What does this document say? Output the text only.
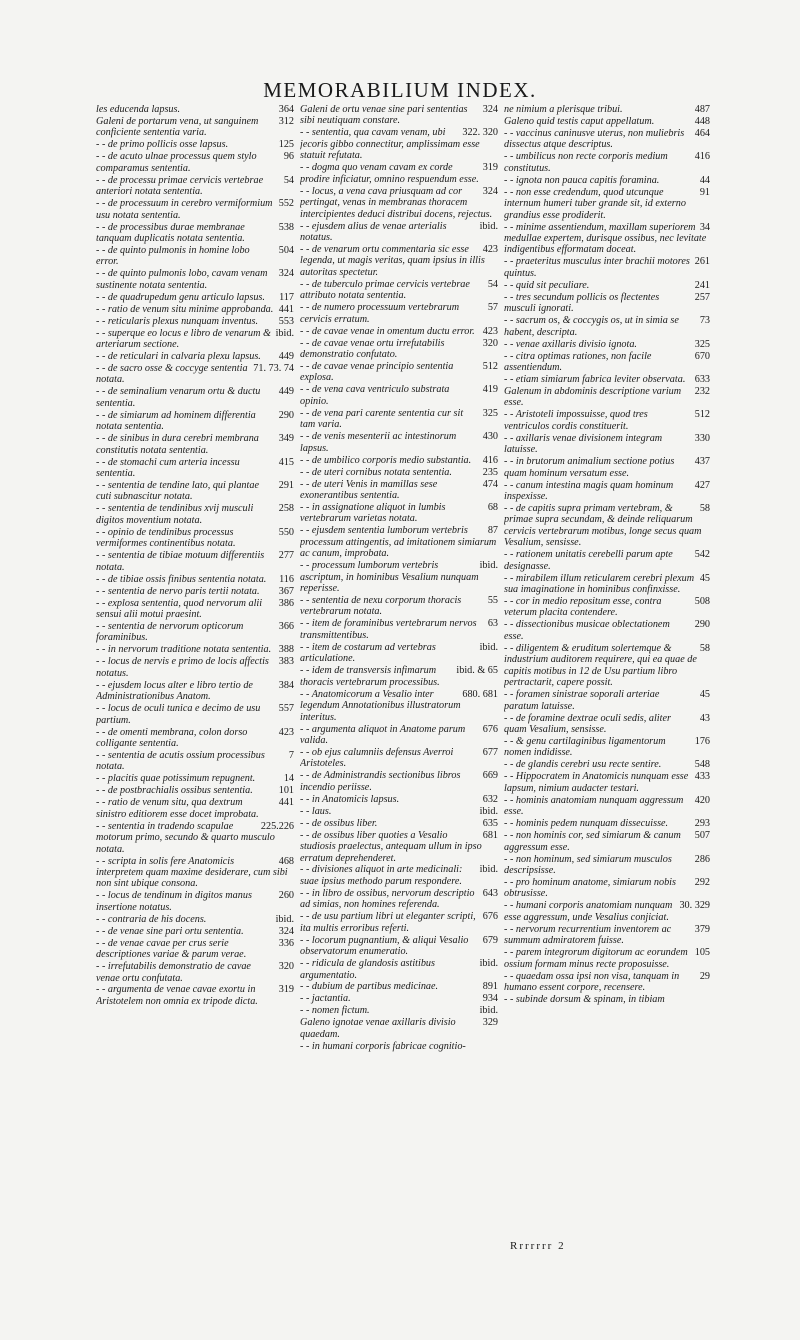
MEMORABILIUM INDEX.
364
les educenda lapsus.
312
Galeni de portarum vena, ut sanguinem conficiente sententia varia.
125
- - de primo pollicis osse lapsus.
96
- - de acuto ulnae processus quem stylo comparamus sententia.
54
- - de processu primae cervicis vertebrae anteriori notata sententia.
552
- - de processuum in cerebro vermiformium usu notata sententia.
538
- - de processibus durae membranae tanquam duplicatis notata sententia.
504
- - de quinto pulmonis in homine lobo error.
324
- - de quinto pulmonis lobo, cavam venam sustinente notata sententia.
117
- - de quadrupedum genu articulo lapsus.
441
- - ratio de venum situ minime approbanda.
553
- - reticularis plexus nunquam inventus.
ibid.
- - superque eo locus e libro de venarum & arteriarum sectione.
449
- - de reticulari in calvaria plexu lapsus.
71. 73. 74
- - de sacro osse & coccyge sententia notata.
449
- - de seminalium venarum ortu & ductu sententia.
290
- - de simiarum ad hominem differentia notata sententia.
349
- - de sinibus in dura cerebri membrana constitutis notata sententia.
415
- - de stomachi cum arteria incessu sententia.
291
- - sententia de tendine lato, qui plantae cuti subnascitur notata.
258
- - sententia de tendinibus xvij musculi digitos moventium notata.
550
- - opinio de tendinibus processus vermiformes continentibus notata.
277
- - sententia de tibiae motuum differentiis notata.
116
- - de tibiae ossis finibus sententia notata.
367
- - sententia de nervo paris tertii notata.
386
- - explosa sententia, quod nervorum alii sensui alii motui praesint.
366
- - sententia de nervorum opticorum foraminibus.
388
- - in nervorum traditione notata sententia.
383
- - locus de nervis e primo de locis affectis notatus.
384
- - ejusdem locus alter e libro tertio de Administrationibus Anatom.
557
- - locus de oculi tunica e decimo de usu partium.
423
- - de omenti membrana, colon dorso colligante sententia.
7
- - sententia de acutis ossium processibus notata.
14
- - placitis quae potissimum repugnent.
101
- - de postbrachialis ossibus sententia.
441
- - ratio de venum situ, qua dextrum sinistro editiorem esse docet improbata.
225.226
- - sententia in tradendo scapulae motorum primo, secundo & quarto musculo notata.
468
- - scripta in solis fere Anatomicis interpretem quam maxime desiderare, cum sibi non sint ubique consona.
260
- - locus de tendinum in digitos manus insertione notatus.
ibid.
- - contraria de his docens.
324
- - de venae sine pari ortu sententia.
336
- - de venae cavae per crus serie descriptiones variae & parum verae.
320
- - irrefutabilis demonstratio de cavae venae ortu confutata.
319
- - argumenta de venae cavae exortu in Aristotelem non omnia ex tripode dicta.
324
Galeni de ortu venae sine pari sententias sibi neutiquam constare.
322. 320
- - sententia, qua cavam venam, ubi jecoris gibbo connectitur, amplissimam esse statuit refutata.
319
- - dogma quo venam cavam ex corde prodire inficiatur, omnino respuendum esse.
324
- - locus, a vena cava priusquam ad cor pertingat, venas in membranas thoracem intercipientes deduci distribui docens, rejectus.
ibid.
- - ejusdem alius de venae arterialis notatus.
423
- - de venarum ortu commentaria sic esse legenda, ut magis veritas, quam ipsius in illis autoritas spectetur.
54
- - de tuberculo primae cervicis vertebrae attributo notata sententia.
57
- - de numero processuum vertebrarum cervicis erratum.
423
- - de cavae venae in omentum ductu error.
320
- - de cavae venae ortu irrefutabilis demonstratio confutato.
512
- - de cavae venae principio sententia explosa.
419
- - de vena cava ventriculo substrata opinio.
325
- - de vena pari carente sententia cur sit tam varia.
430
- - de venis mesenterii ac intestinorum lapsus.
416
- - de umbilico corporis medio substantia.
235
- - de uteri cornibus notata sententia.
474
- - de uteri Venis in mamillas sese exonerantibus sententia.
68
- - in assignatione aliquot in lumbis vertebrarum varietas notata.
87
- - ejusdem sententia lumborum vertebris processum attingentis, ad imitationem simiarum ac canum, improbata.
ibid.
- - processum lumborum vertebris ascriptum, in hominibus Vesalium nunquam reperisse.
55
- - sententia de nexu corporum thoracis vertebrarum notata.
63
- - item de foraminibus vertebrarum nervos transmittentibus.
ibid.
- - item de costarum ad vertebras articulatione.
ibid. & 65
- - idem de transversis infimarum thoracis vertebrarum processibus.
680. 681
- - Anatomicorum a Vesalio inter legendum Annotationibus illustratorum interitus.
676
- - argumenta aliquot in Anatome parum valida.
677
- - ob ejus calumniis defensus Averroi Aristoteles.
669
- - de Administrandis sectionibus libros incendio periisse.
632
- - in Anatomicis lapsus.
ibid.
- - laus.
635
- - de ossibus liber.
681
- - de ossibus liber quoties a Vesalio studiosis praelectus, antequam ullum in ipso erratum deprehenderet.
ibid.
- - divisiones aliquot in arte medicinali: suae ipsius methodo parum respondere.
643
- - in libro de ossibus, nervorum descriptio ad simias, non homines referenda.
676
- - de usu partium libri ut eleganter scripti, ita multis erroribus referti.
679
- - locorum pugnantium, & aliqui Vesalio observatorum enumeratio.
ibid.
- - ridicula de glandosis astitibus argumentatio.
891
- - dubium de partibus medicinae.
934
- - jactantia.
ibid.
- - nomen fictum.
329
Galeno ignotae venae axillaris divisio quaedam.
- - in humani corporis fabricae cognitio-
487
ne nimium a plerisque tribui.
448
Galeno quid testis caput appellatum.
464
- - vaccinus caninusve uterus, non muliebris dissectus atque descriptus.
416
- - umbilicus non recte corporis medium constitutus.
44
- - ignota non pauca capitis foramina.
91
- - non esse credendum, quod utcunque internum humeri tuber grande sit, id externo grandius esse prodiderit.
34
- - minime assentiendum, maxillam superiorem medullae expertem, durisque ossibus, nec levitate indigentibus efformatam doceat.
261
- - praeteritus musculus inter brachii motores quintus.
241
- - quid sit peculiare.
257
- - tres secundum pollicis os flectentes musculi ignorati.
73
- - sacrum os, & coccygis os, ut in simia se habent, descripta.
325
- - venae axillaris divisio ignota.
670
- - citra optimas rationes, non facile assentiendum.
633
- - etiam simiarum fabrica leviter observata.
232
Galenum in abdominis descriptione varium esse.
512
- - Aristoteli impossuisse, quod tres ventriculos cordis constituerit.
330
- - axillaris venae divisionem integram latuisse.
437
- - in brutorum animalium sectione potius quam hominum versatum esse.
427
- - canum intestina magis quam hominum inspexisse.
58
- - de capitis supra primam vertebram, & primae supra secundam, & deinde reliquarum cervicis vertebrarum motibus, longe secus quam Vesalium, sensisse.
542
- - rationem unitatis cerebelli parum apte designasse.
45
- - mirabilem illum reticularem cerebri plexum sua imaginatione in hominibus confinxisse.
508
- - cor in medio repositum esse, contra veterum placita contendere.
290
- - dissectionibus musicae oblectationem esse.
58
- - diligentem & eruditum solertemque & industrium auditorem requirere, qui ea quae de capitis motibus in 12 de Usu partium libro pertractarit, capere possit.
45
- - foramen sinistrae soporali arteriae paratum latuisse.
43
- - de foramine dextrae oculi sedis, aliter quam Vesalium, sensisse.
176
- - & genu cartilaginibus ligamentorum nomen indidisse.
548
- - de glandis cerebri usu recte sentire.
433
- - Hippocratem in Anatomicis nunquam esse lapsum, nimium audacter testari.
420
- - hominis anatomiam nunquam aggressum esse.
293
- - hominis pedem nunquam dissecuisse.
507
- - non hominis cor, sed simiarum & canum aggressum esse.
286
- - non hominum, sed simiarum musculos descripsisse.
292
- - pro hominum anatome, simiarum nobis obtrusisse.
30. 329
- - humani corporis anatomiam nunquam esse aggressum, unde Vesalius conjiciat.
379
- - nervorum recurrentium inventorem ac summum admiratorem fuisse.
105
- - parem integrorum digitorum ac eorundem ossium formam minus recte proposuisse.
29
- - quaedam ossa ipsi non visa, tanquam in humano essent corpore, recensere.
- - subinde dorsum & spinam, in tibiam
Rrrrrrr 2
